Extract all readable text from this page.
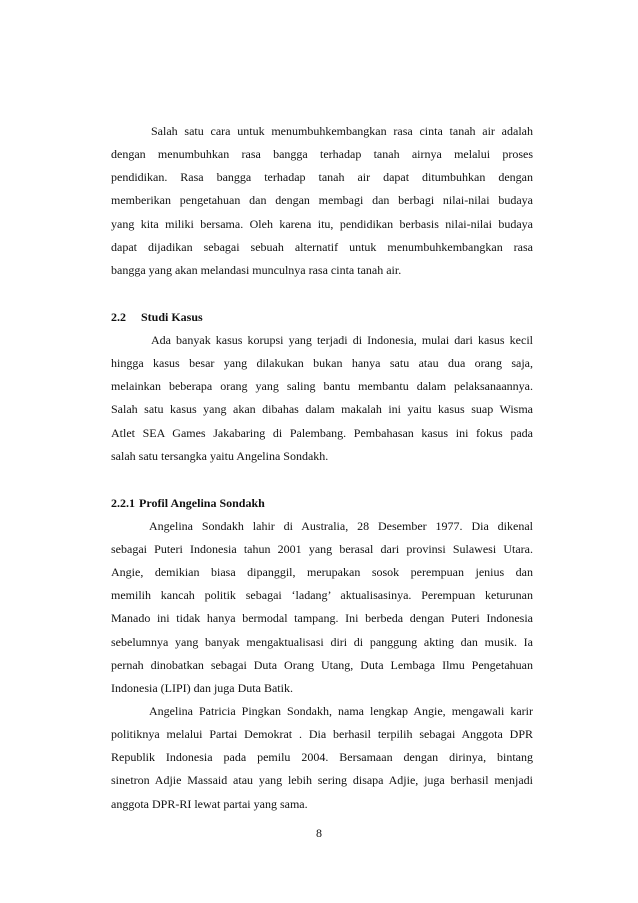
Salah satu cara untuk menumbuhkembangkan rasa cinta tanah air adalah
dengan menumbuhkan rasa bangga terhadap tanah airnya melalui proses
pendidikan. Rasa bangga terhadap tanah air dapat ditumbuhkan dengan
memberikan pengetahuan dan dengan membagi dan berbagi nilai-nilai budaya
yang kita miliki bersama. Oleh karena itu, pendidikan berbasis nilai-nilai budaya
dapat dijadikan sebagai sebuah alternatif untuk menumbuhkembangkan rasa
bangga yang akan melandasi munculnya rasa cinta tanah air.
2.2 Studi Kasus
Ada banyak kasus korupsi yang terjadi di Indonesia, mulai dari kasus kecil
hingga kasus besar yang dilakukan bukan hanya satu atau dua orang saja,
melainkan beberapa orang yang saling bantu membantu dalam pelaksanaannya.
Salah satu kasus yang akan dibahas dalam makalah ini yaitu kasus suap Wisma
Atlet SEA Games Jakabaring di Palembang. Pembahasan kasus ini fokus pada
salah satu tersangka yaitu Angelina Sondakh.
2.2.1 Profil Angelina Sondakh
Angelina Sondakh lahir di Australia, 28 Desember 1977. Dia dikenal
sebagai Puteri Indonesia tahun 2001 yang berasal dari provinsi Sulawesi Utara.
Angie, demikian biasa dipanggil, merupakan sosok perempuan jenius dan
memilih kancah politik sebagai ‘ladang’ aktualisasinya. Perempuan keturunan
Manado ini tidak hanya bermodal tampang. Ini berbeda dengan Puteri Indonesia
sebelumnya yang banyak mengaktualisasi diri di panggung akting dan musik. Ia
pernah dinobatkan sebagai Duta Orang Utang, Duta Lembaga Ilmu Pengetahuan
Indonesia (LIPI) dan juga Duta Batik.
Angelina Patricia Pingkan Sondakh, nama lengkap Angie, mengawali karir
politiknya melalui Partai Demokrat . Dia berhasil terpilih sebagai Anggota DPR
Republik Indonesia pada pemilu 2004. Bersamaan dengan dirinya, bintang
sinetron Adjie Massaid atau yang lebih sering disapa Adjie, juga berhasil menjadi
anggota DPR-RI lewat partai yang sama.
8
